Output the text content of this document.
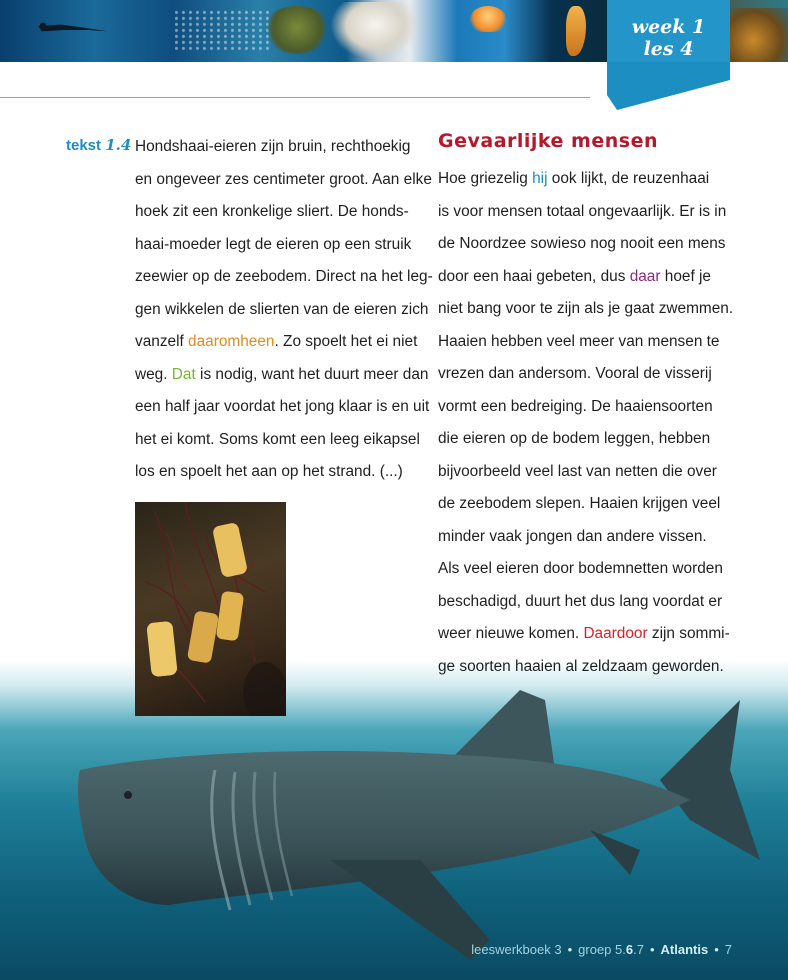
week 1
les 4
tekst 1.4 Hondshaai-eieren zijn bruin, rechthoekig
en ongeveer zes centimeter groot. Aan elke
hoek zit een kronkelige sliert. De honds-
haai-moeder legt de eieren op een struik
zeewier op de zeebodem. Direct na het leg-
gen wikkelen de slierten van de eieren zich
vanzelf daaromheen. Zo spoelt het ei niet
weg. Dat is nodig, want het duurt meer dan
een half jaar voordat het jong klaar is en uit
het ei komt. Soms komt een leeg eikapsel
los en spoelt het aan op het strand. (...)
Gevaarlijke mensen
Hoe griezelig hij ook lijkt, de reuzenhaai
is voor mensen totaal ongevaarlijk. Er is in
de Noordzee sowieso nog nooit een mens
door een haai gebeten, dus daar hoef je
niet bang voor te zijn als je gaat zwemmen.
Haaien hebben veel meer van mensen te
vrezen dan andersom. Vooral de visserij
vormt een bedreiging. De haaiensoorten
die eieren op de bodem leggen, hebben
bijvoorbeeld veel last van netten die over
de zeebodem slepen. Haaien krijgen veel
minder vaak jongen dan andere vissen.
Als veel eieren door bodemnetten worden
beschadigd, duurt het dus lang voordat er
weer nieuwe komen. Daardoor zijn sommi-
ge soorten haaien al zeldzaam geworden.
leeswerkboek 3 • groep 5.6.7 • Atlantis • 7
